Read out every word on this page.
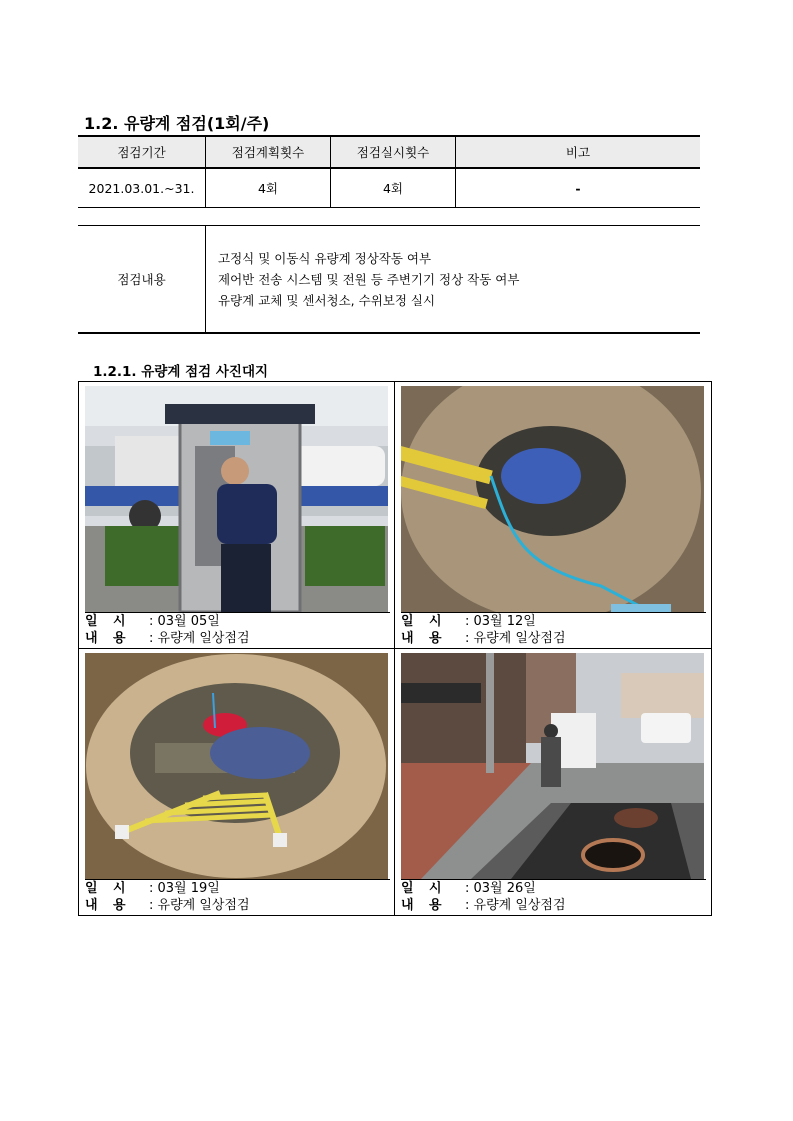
1.2. 유량계 점검(1회/주)
점검기간	점검계획횟수	점검실시횟수	비고
2021.03.01.~31.	4회	4회	-
점검내용	
고정식 및 이동식 유량계 정상작동 여부
제어반 전송 시스템 및 전원 등 주변기기 정상 작동 여부
유량계 교체 및 센서청소, 수위보정 실시
1.2.1. 유량계 점검 사진대지
일 시 : 03월 05일
내 용 : 유량계 일상점검
일 시 : 03월 12일
내 용 : 유량계 일상점검
일 시 : 03월 19일
내 용 : 유량계 일상점검
일 시 : 03월 26일
내 용 : 유량계 일상점검
